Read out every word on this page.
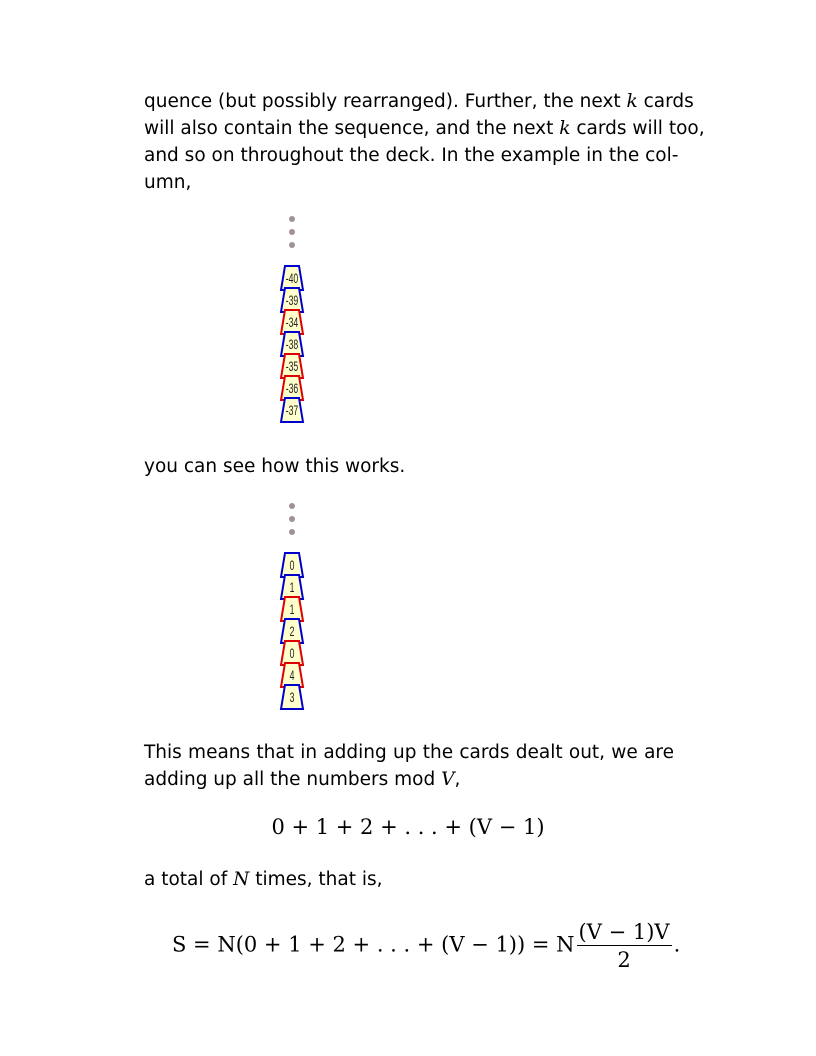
quence (but possibly rearranged). Further, the next k cards
will also contain the sequence, and the next k cards will too,
and so on throughout the deck. In the example in the col-
umn,
-40
-39
-34
-38
-35
-36
-37
you can see how this works.
0
1
1
2
0
4
3
This means that in adding up the cards dealt out, we are
adding up all the numbers mod V,
0 + 1 + 2 + . . . + (V − 1)
a total of N times, that is,
S = N(0 + 1 + 2 + . . . + (V − 1)) = N $\frac{(V - 1)V}{2}$ .
